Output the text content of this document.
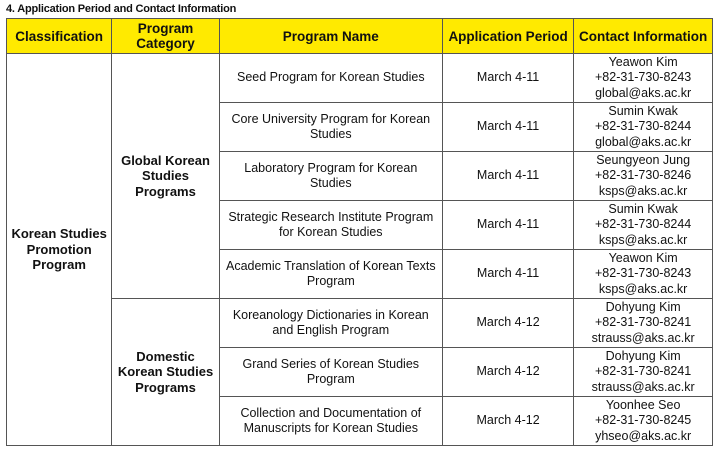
4. Application Period and Contact Information
Classification	Program Category	Program Name	Application Period	Contact Information
Korean Studies Promotion Program	Global Korean Studies Programs	Seed Program for Korean Studies	March 4-11	Yeawon Kim
+82-31-730-8243
global@aks.ac.kr

		Core University Program for Korean Studies	March 4-11	Sumin Kwak
+82-31-730-8244
global@aks.ac.kr

		Laboratory Program for Korean Studies	March 4-11	Seungyeon Jung
+82-31-730-8246
ksps@aks.ac.kr

		Strategic Research Institute Program for Korean Studies	March 4-11	Sumin Kwak
+82-31-730-8244
ksps@aks.ac.kr

		Academic Translation of Korean Texts Program	March 4-11	Yeawon Kim
+82-31-730-8243
ksps@aks.ac.kr

	Domestic Korean Studies Programs	Koreanology Dictionaries in Korean and English Program	March 4-12	Dohyung Kim
+82-31-730-8241
strauss@aks.ac.kr

		Grand Series of Korean Studies Program	March 4-12	Dohyung Kim
+82-31-730-8241
strauss@aks.ac.kr

		Collection and Documentation of Manuscripts for Korean Studies	March 4-12	Yoonhee Seo
+82-31-730-8245
yhseo@aks.ac.kr
